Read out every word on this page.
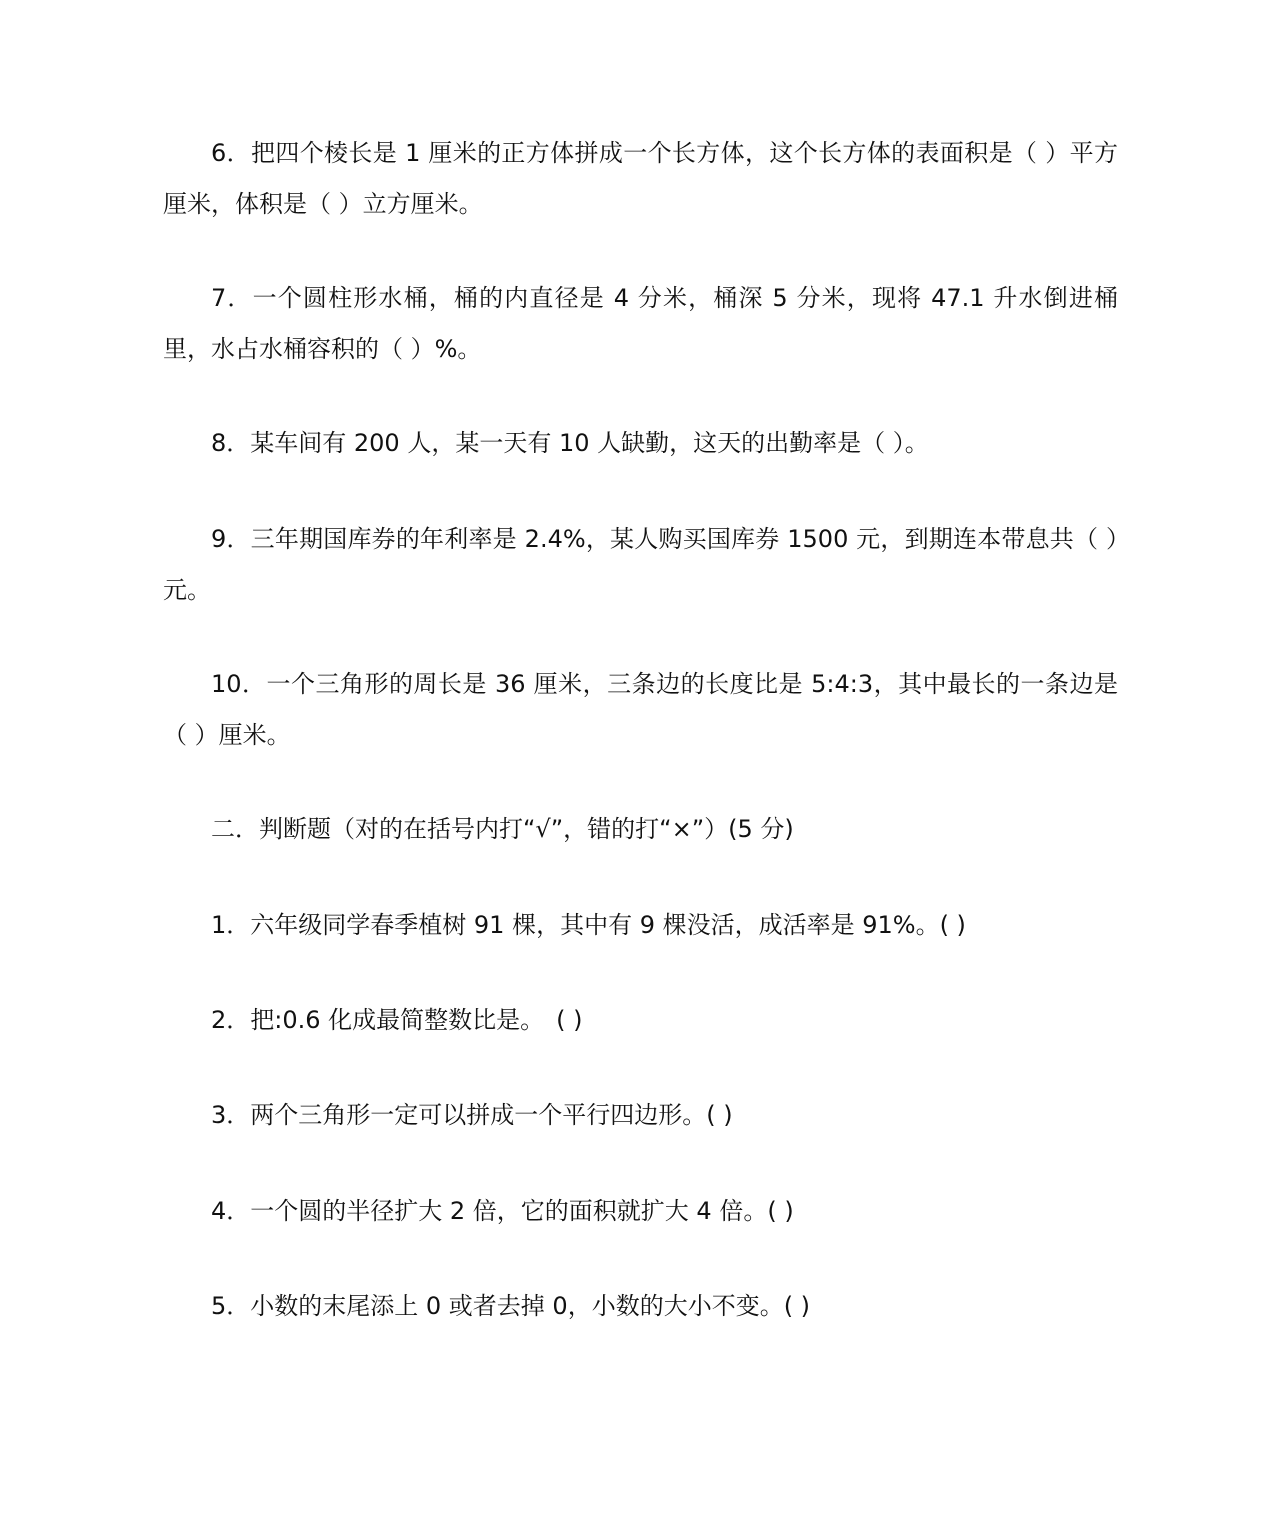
6．把四个棱长是 1 厘米的正方体拼成一个长方体，这个长方体的表面积是（ ）平方厘米，体积是（ ）立方厘米。

7．一个圆柱形水桶，桶的内直径是 4 分米，桶深 5 分米，现将 47.1 升水倒进桶里，水占水桶容积的（ ）%。

8．某车间有 200 人，某一天有 10 人缺勤，这天的出勤率是（ ）。

9．三年期国库券的年利率是 2.4%，某人购买国库券 1500 元，到期连本带息共（ ）元。

10．一个三角形的周长是 36 厘米，三条边的长度比是 5:4:3，其中最长的一条边是（ ）厘米。

二．判断题（对的在括号内打“√”，错的打“×”）(5 分)
1．六年级同学春季植树 91 棵，其中有 9 棵没活，成活率是 91%。( )
2．把:0.6 化成最简整数比是。　( )
3．两个三角形一定可以拼成一个平行四边形。( )
4．一个圆的半径扩大 2 倍，它的面积就扩大 4 倍。( )
5．小数的末尾添上 0 或者去掉 0，小数的大小不变。( )
